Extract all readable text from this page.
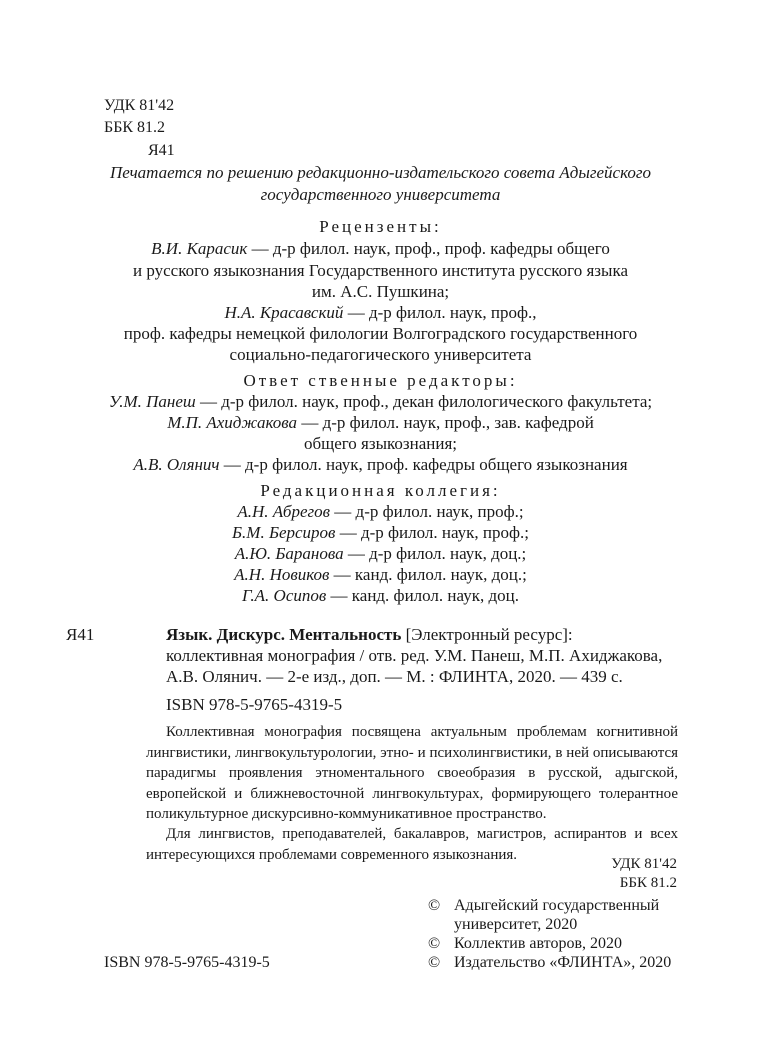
УДК 81'42
ББК 81.2
Я41
Печатается по решению редакционно-издательского совета Адыгейского
государственного университета
Рецензенты:
В.И. Карасик — д-р филол. наук, проф., проф. кафедры общего
и русского языкознания Государственного института русского языка
им. А.С. Пушкина;
Н.А. Красавский — д-р филол. наук, проф.,
проф. кафедры немецкой филологии Волгоградского государственного
социально-педагогического университета
Ответ ственные редакторы:
У.М. Панеш — д-р филол. наук, проф., декан филологического факультета;
М.П. Ахиджакова — д-р филол. наук, проф., зав. кафедрой
общего языкознания;
А.В. Олянич — д-р филол. наук, проф. кафедры общего языкознания
Редакционная коллегия:
А.Н. Абрегов — д-р филол. наук, проф.;
Б.М. Берсиров — д-р филол. наук, проф.;
А.Ю. Баранова — д-р филол. наук, доц.;
А.Н. Новиков — канд. филол. наук, доц.;
Г.А. Осипов — канд. филол. наук, доц.
Я41	Язык. Дискурс. Ментальность [Электронный ресурс]:
коллективная монография / отв. ред. У.М. Панеш, М.П. Ахиджакова,
А.В. Олянич. — 2-е изд., доп. — М. : ФЛИНТА, 2020. — 439 с.
ISBN 978-5-9765-4319-5
Коллективная монография посвящена актуальным проблемам когнитивной лингвистики, лингвокультурологии, этно- и психолингвистики, в ней описываются парадигмы проявления этноментального своеобразия в русской, адыгской, европейской и ближневосточной лингвокультурах, формирующего толерантное поликультурное дискурсивно-коммуникативное пространство.
Для лингвистов, преподавателей, бакалавров, магистров, аспирантов и всех интересующихся проблемами современного языкознания.
УДК 81'42
ББК 81.2
© Адыгейский государственный
университет, 2020
© Коллектив авторов, 2020
© Издательство «ФЛИНТА», 2020
ISBN 978-5-9765-4319-5
